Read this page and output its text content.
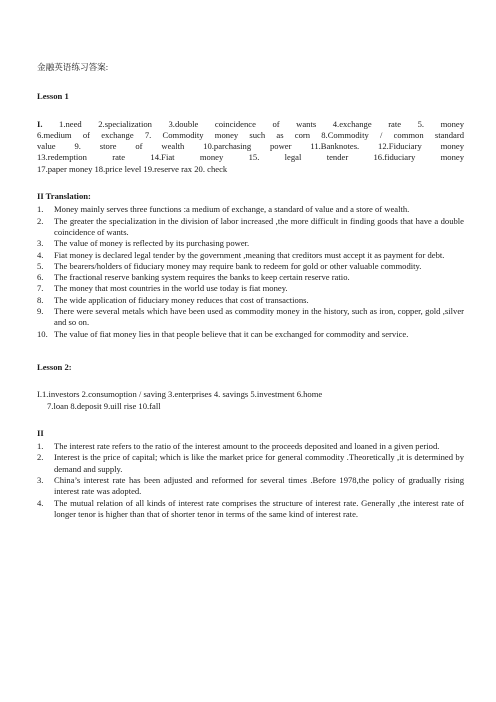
金融英语练习答案:

Lesson 1

I. 1.need 2.specialization 3.double coincidence of wants 4.exchange rate 5. money

6.medium of exchange 7. Commodity money such as corn 8.Commodity / common standard

value 9. store of wealth 10.parchasing power 11.Banknotes. 12.Fiduciary money

13.redemption rate 14.Fiat money 15. legal tender 16.fiduciary money

17.paper money 18.price level 19.reserve rax 20. check

II Translation:

1. Money mainly serves three functions :a medium of exchange, a standard of value and a store of wealth.
2. The greater the specialization in the division of labor increased ,the more difficult in finding goods that have a double coincidence of wants.
3. The value of money is reflected by its purchasing power.
4. Fiat money is declared legal tender by the government ,meaning that creditors must accept it as payment for debt.
5. The bearers/holders of fiduciary money may require bank to redeem for gold or other valuable commodity.
6. The fractional reserve banking system requires the banks to keep certain reserve ratio.
7. The money that most countries in the world use today is fiat money.
8. The wide application of fiduciary money reduces that cost of transactions.
9. There were several metals which have been used as commodity money in the history, such as iron, copper, gold ,silver and so on.
10. The value of fiat money lies in that people believe that it can be exchanged for commodity and service.

Lesson 2:

I.1.investors 2.consumoption / saving 3.enterprises 4. savings 5.investment 6.home

7.loan 8.deposit 9.uill rise 10.fall

II

1. The interest rate refers to the ratio of the interest amount to the proceeds deposited and loaned in a given period.
2. Interest is the price of capital; which is like the market price for general commodity .Theoretically ,it is determined by demand and supply.
3. China’s interest rate has been adjusted and reformed for several times .Before 1978,the policy of gradually rising interest rate was adopted.
4. The mutual relation of all kinds of interest rate comprises the structure of interest rate. Generally ,the interest rate of longer tenor is higher than that of shorter tenor in terms of the same kind of interest rate.
